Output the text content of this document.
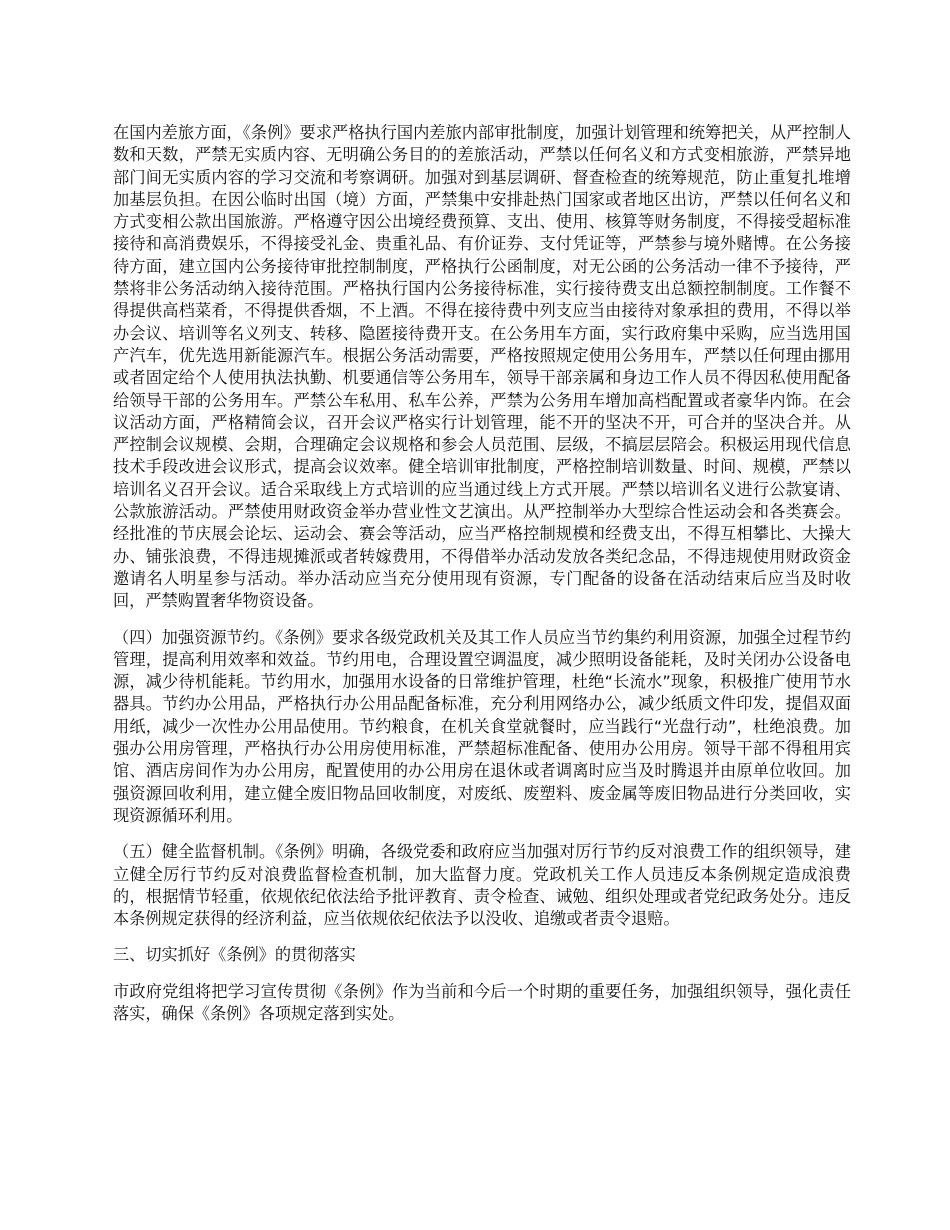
在国内差旅方面，《条例》要求严格执行国内差旅内部审批制度，加强计划管理和统筹把关，从严控制人数和天数，严禁无实质内容、无明确公务目的的差旅活动，严禁以任何名义和方式变相旅游，严禁异地部门间无实质内容的学习交流和考察调研。加强对到基层调研、督查检查的统筹规范，防止重复扎堆增加基层负担。在因公临时出国（境）方面，严禁集中安排赴热门国家或者地区出访，严禁以任何名义和方式变相公款出国旅游。严格遵守因公出境经费预算、支出、使用、核算等财务制度，不得接受超标准接待和高消费娱乐，不得接受礼金、贵重礼品、有价证券、支付凭证等，严禁参与境外赌博。在公务接待方面，建立国内公务接待审批控制制度，严格执行公函制度，对无公函的公务活动一律不予接待，严禁将非公务活动纳入接待范围。严格执行国内公务接待标准，实行接待费支出总额控制制度。工作餐不得提供高档菜肴，不得提供香烟，不上酒。不得在接待费中列支应当由接待对象承担的费用，不得以举办会议、培训等名义列支、转移、隐匿接待费开支。在公务用车方面，实行政府集中采购，应当选用国产汽车，优先选用新能源汽车。根据公务活动需要，严格按照规定使用公务用车，严禁以任何理由挪用或者固定给个人使用执法执勤、机要通信等公务用车，领导干部亲属和身边工作人员不得因私使用配备给领导干部的公务用车。严禁公车私用、私车公养，严禁为公务用车增加高档配置或者豪华内饰。在会议活动方面，严格精简会议，召开会议严格实行计划管理，能不开的坚决不开，可合并的坚决合并。从严控制会议规模、会期，合理确定会议规格和参会人员范围、层级，不搞层层陪会。积极运用现代信息技术手段改进会议形式，提高会议效率。健全培训审批制度，严格控制培训数量、时间、规模，严禁以培训名义召开会议。适合采取线上方式培训的应当通过线上方式开展。严禁以培训名义进行公款宴请、公款旅游活动。严禁使用财政资金举办营业性文艺演出。从严控制举办大型综合性运动会和各类赛会。经批准的节庆展会论坛、运动会、赛会等活动，应当严格控制规模和经费支出，不得互相攀比、大操大办、铺张浪费，不得违规摊派或者转嫁费用，不得借举办活动发放各类纪念品，不得违规使用财政资金邀请名人明星参与活动。举办活动应当充分使用现有资源，专门配备的设备在活动结束后应当及时收回，严禁购置奢华物资设备。

（四）加强资源节约。《条例》要求各级党政机关及其工作人员应当节约集约利用资源，加强全过程节约管理，提高利用效率和效益。节约用电，合理设置空调温度，减少照明设备能耗，及时关闭办公设备电源，减少待机能耗。节约用水，加强用水设备的日常维护管理，杜绝“长流水”现象，积极推广使用节水器具。节约办公用品，严格执行办公用品配备标准，充分利用网络办公，减少纸质文件印发，提倡双面用纸，减少一次性办公用品使用。节约粮食，在机关食堂就餐时，应当践行“光盘行动”，杜绝浪费。加强办公用房管理，严格执行办公用房使用标准，严禁超标准配备、使用办公用房。领导干部不得租用宾馆、酒店房间作为办公用房，配置使用的办公用房在退休或者调离时应当及时腾退并由原单位收回。加强资源回收利用，建立健全废旧物品回收制度，对废纸、废塑料、废金属等废旧物品进行分类回收，实现资源循环利用。

（五）健全监督机制。《条例》明确，各级党委和政府应当加强对厉行节约反对浪费工作的组织领导，建立健全厉行节约反对浪费监督检查机制，加大监督力度。党政机关工作人员违反本条例规定造成浪费的，根据情节轻重，依规依纪依法给予批评教育、责令检查、诫勉、组织处理或者党纪政务处分。违反本条例规定获得的经济利益，应当依规依纪依法予以没收、追缴或者责令退赔。

三、切实抓好《条例》的贯彻落实

市政府党组将把学习宣传贯彻《条例》作为当前和今后一个时期的重要任务，加强组织领导，强化责任落实，确保《条例》各项规定落到实处。
